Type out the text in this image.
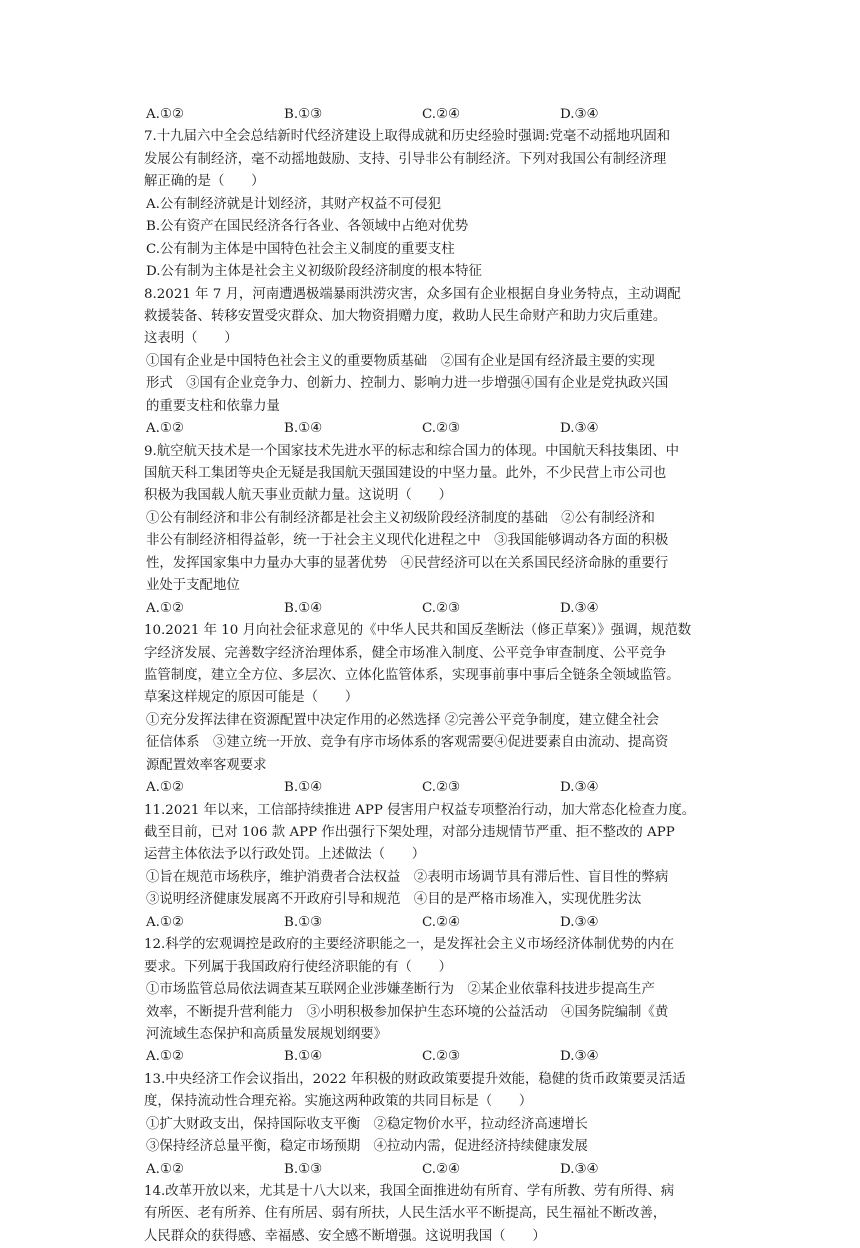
A.①②	B.①③	C.②④	D.③④
7.十九届六中全会总结新时代经济建设上取得成就和历史经验时强调:党毫不动摇地巩固和
发展公有制经济，毫不动摇地鼓励、支持、引导非公有制经济。下列对我国公有制经济理
解正确的是（　　）
A.公有制经济就是计划经济，其财产权益不可侵犯
B.公有资产在国民经济各行各业、各领域中占绝对优势
C.公有制为主体是中国特色社会主义制度的重要支柱
D.公有制为主体是社会主义初级阶段经济制度的根本特征
8.2021 年 7 月，河南遭遇极端暴雨洪涝灾害，众多国有企业根据自身业务特点，主动调配
救援装备、转移安置受灾群众、加大物资捐赠力度，救助人民生命财产和助力灾后重建。
这表明（　　）
①国有企业是中国特色社会主义的重要物质基础　②国有企业是国有经济最主要的实现
形式　③国有企业竞争力、创新力、控制力、影响力进一步增强④国有企业是党执政兴国
的重要支柱和依靠力量
A.①②	B.①④	C.②③	D.③④
9.航空航天技术是一个国家技术先进水平的标志和综合国力的体现。中国航天科技集团、中
国航天科工集团等央企无疑是我国航天强国建设的中坚力量。此外，不少民营上市公司也
积极为我国载人航天事业贡献力量。这说明（　　）
①公有制经济和非公有制经济都是社会主义初级阶段经济制度的基础　②公有制经济和
非公有制经济相得益彰，统一于社会主义现代化进程之中　③我国能够调动各方面的积极
性，发挥国家集中力量办大事的显著优势　④民营经济可以在关系国民经济命脉的重要行
业处于支配地位
A.①②	B.①④	C.②③	D.③④
10.2021 年 10 月向社会征求意见的《中华人民共和国反垄断法（修正草案）》强调，规范数
字经济发展、完善数字经济治理体系，健全市场准入制度、公平竞争审查制度、公平竞争
监管制度，建立全方位、多层次、立体化监管体系，实现事前事中事后全链条全领域监管。
草案这样规定的原因可能是（　　）
①充分发挥法律在资源配置中决定作用的必然选择 ②完善公平竞争制度，建立健全社会
征信体系　③建立统一开放、竞争有序市场体系的客观需要④促进要素自由流动、提高资
源配置效率客观要求
A.①②	B.①④	C.②③	D.③④
11.2021 年以来，工信部持续推进 APP 侵害用户权益专项整治行动，加大常态化检查力度。
截至目前，已对 106 款 APP 作出强行下架处理，对部分违规情节严重、拒不整改的 APP
运营主体依法予以行政处罚。上述做法（　　）
①旨在规范市场秩序，维护消费者合法权益　②表明市场调节具有滞后性、盲目性的弊病
③说明经济健康发展离不开政府引导和规范　④目的是严格市场准入，实现优胜劣汰
A.①②	B.①③	C.②④	D.③④
12.科学的宏观调控是政府的主要经济职能之一，是发挥社会主义市场经济体制优势的内在
要求。下列属于我国政府行使经济职能的有（　　）
①市场监管总局依法调查某互联网企业涉嫌垄断行为　②某企业依靠科技进步提高生产
效率，不断提升营利能力　③小明积极参加保护生态环境的公益活动　④国务院编制《黄
河流域生态保护和高质量发展规划纲要》
A.①②	B.①④	C.②③	D.③④
13.中央经济工作会议指出，2022 年积极的财政政策要提升效能，稳健的货币政策要灵活适
度，保持流动性合理充裕。实施这两种政策的共同目标是（　　）
①扩大财政支出，保持国际收支平衡　②稳定物价水平，拉动经济高速增长
③保持经济总量平衡，稳定市场预期　④拉动内需，促进经济持续健康发展
A.①②	B.①③	C.②④	D.③④
14.改革开放以来，尤其是十八大以来，我国全面推进幼有所育、学有所教、劳有所得、病
有所医、老有所养、住有所居、弱有所扶，人民生活水平不断提高，民生福祉不断改善，
人民群众的获得感、幸福感、安全感不断增强。这说明我国（　　）
